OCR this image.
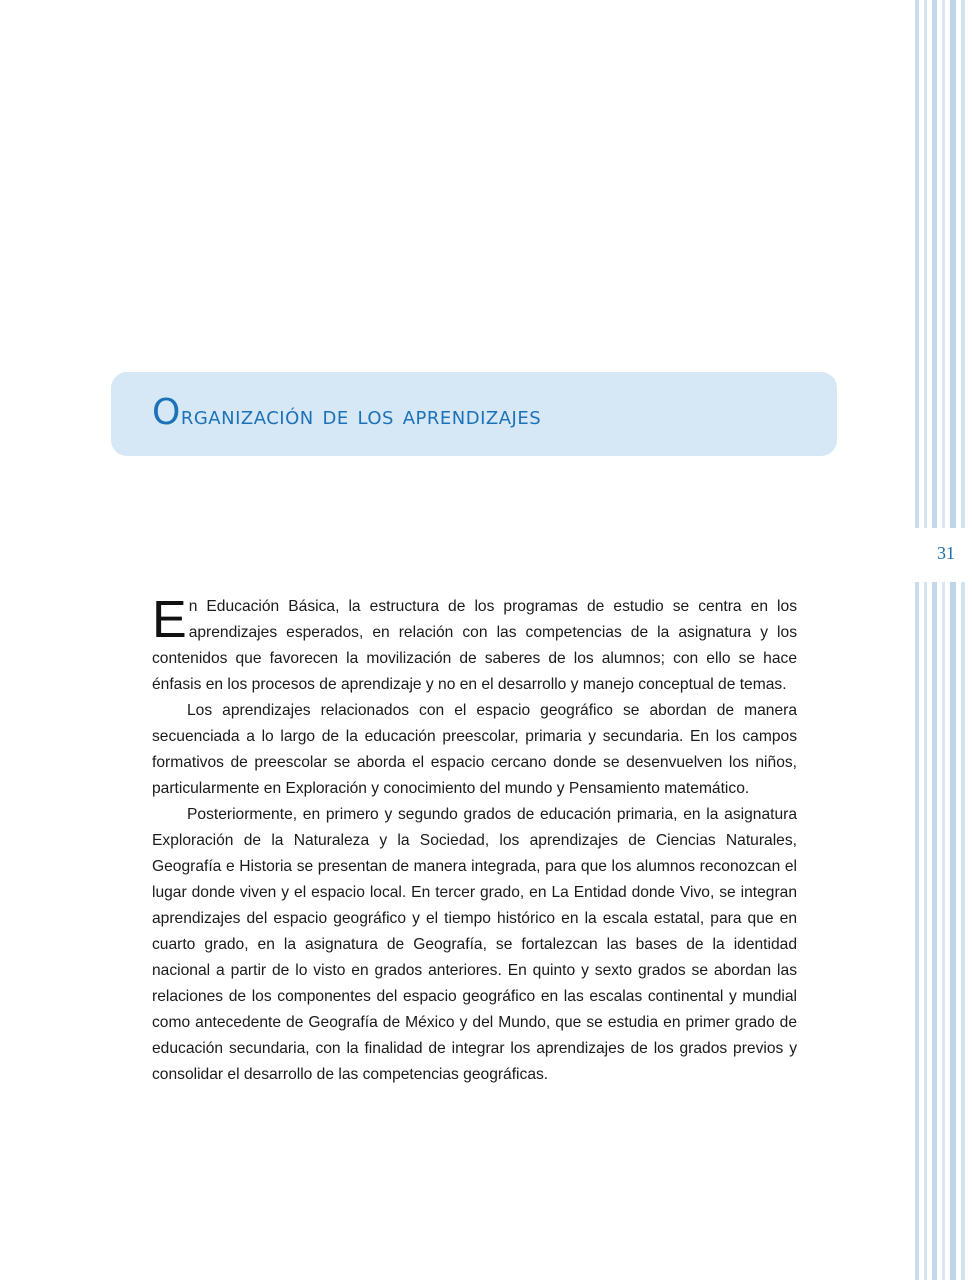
31
Organización de los aprendizajes

En Educación Básica, la estructura de los programas de estudio se centra en los aprendizajes esperados, en relación con las competencias de la asignatura y los contenidos que favorecen la movilización de saberes de los alumnos; con ello se hace énfasis en los procesos de aprendizaje y no en el desarrollo y manejo conceptual de temas.

Los aprendizajes relacionados con el espacio geográfico se abordan de manera secuenciada a lo largo de la educación preescolar, primaria y secundaria. En los campos formativos de preescolar se aborda el espacio cercano donde se desenvuelven los niños, particularmente en Exploración y conocimiento del mundo y Pensamiento matemático.

Posteriormente, en primero y segundo grados de educación primaria, en la asignatura Exploración de la Naturaleza y la Sociedad, los aprendizajes de Ciencias Naturales, Geografía e Historia se presentan de manera integrada, para que los alumnos reconozcan el lugar donde viven y el espacio local. En tercer grado, en La Entidad donde Vivo, se integran aprendizajes del espacio geográfico y el tiempo histórico en la escala estatal, para que en cuarto grado, en la asignatura de Geografía, se fortalezcan las bases de la identidad nacional a partir de lo visto en grados anteriores. En quinto y sexto grados se abordan las relaciones de los componentes del espacio geográfico en las escalas continental y mundial como antecedente de Geografía de México y del Mundo, que se estudia en primer grado de educación secundaria, con la finalidad de integrar los aprendizajes de los grados previos y consolidar el desarrollo de las competencias geográficas.
